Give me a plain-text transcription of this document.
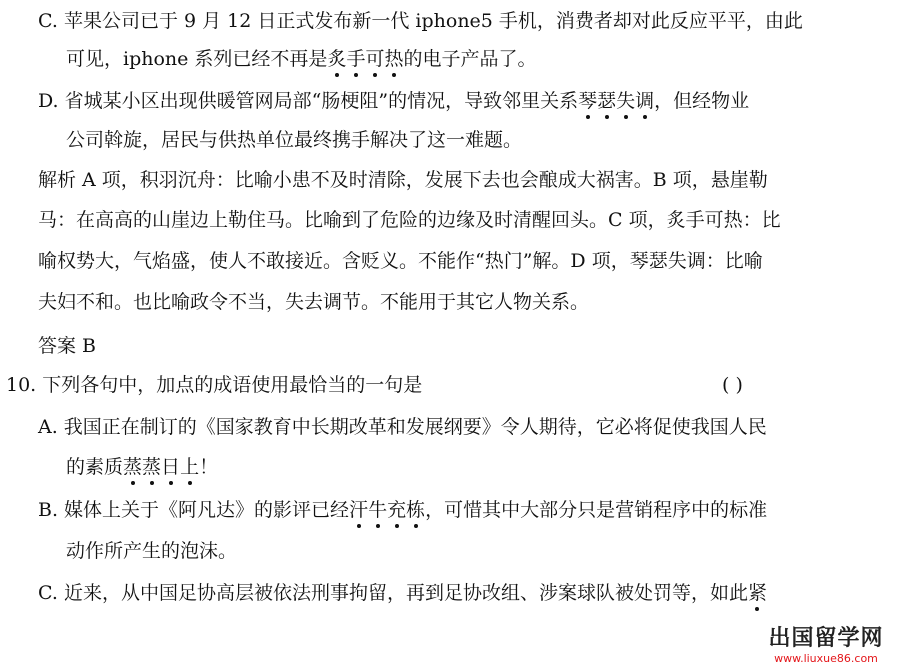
C. 苹果公司已于 9 月 12 日正式发布新一代 iphone5 手机，消费者却对此反应平平，由此
可见，iphone 系列已经不再是炙手可热的电子产品了。
D. 省城某小区出现供暖管网局部“肠梗阻”的情况，导致邻里关系琴瑟失调，但经物业
公司斡旋，居民与供热单位最终携手解决了这一难题。
解析 A 项，积羽沉舟：比喻小患不及时清除，发展下去也会酿成大祸害。B 项，悬崖勒
马：在高高的山崖边上勒住马。比喻到了危险的边缘及时清醒回头。C 项，炙手可热：比
喻权势大，气焰盛，使人不敢接近。含贬义。不能作“热门”解。D 项，琴瑟失调：比喻
夫妇不和。也比喻政令不当，失去调节。不能用于其它人物关系。
答案 B
10. 下列各句中，加点的成语使用最恰当的一句是	( )
A. 我国正在制订的《国家教育中长期改革和发展纲要》令人期待，它必将促使我国人民
的素质蒸蒸日上！
B. 媒体上关于《阿凡达》的影评已经汗牛充栋，可惜其中大部分只是营销程序中的标准
动作所产生的泡沫。
C. 近来，从中国足协高层被依法刑事拘留，再到足协改组、涉案球队被处罚等，如此紧
出国留学网
www.liuxue86.com
